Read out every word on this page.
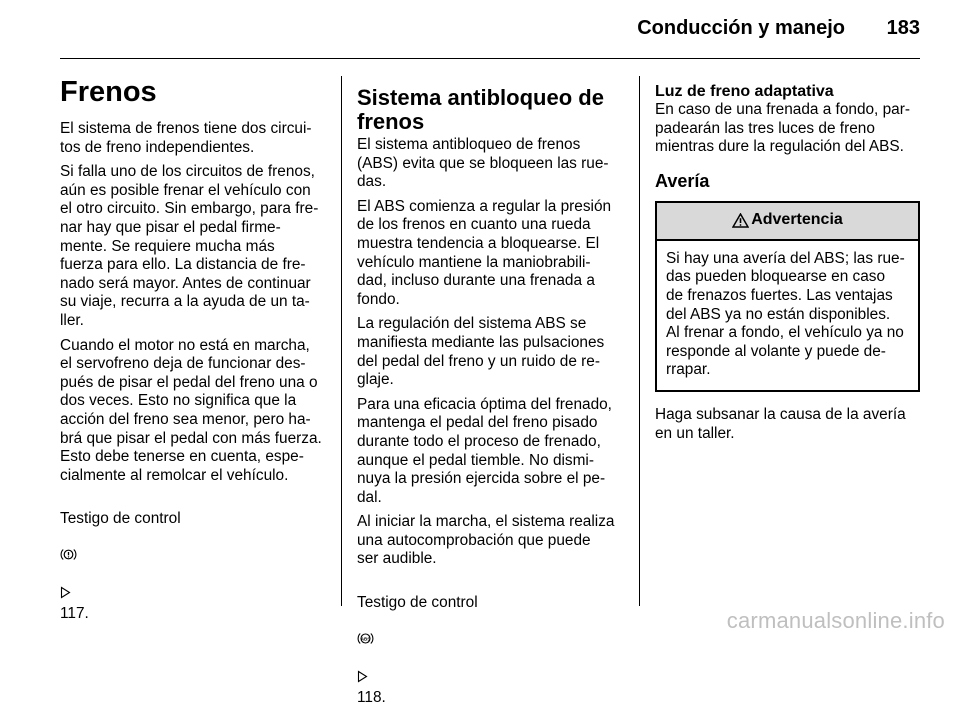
Conducción y manejo 183
Frenos

El sistema de frenos tiene dos circui-
tos de freno independientes.

Si falla uno de los circuitos de frenos,
aún es posible frenar el vehículo con
el otro circuito. Sin embargo, para fre-
nar hay que pisar el pedal firme-
mente. Se requiere mucha más
fuerza para ello. La distancia de fre-
nado será mayor. Antes de continuar
su viaje, recurra a la ayuda de un ta-
ller.

Cuando el motor no está en marcha,
el servofreno deja de funcionar des-
pués de pisar el pedal del freno una o
dos veces. Esto no significa que la
acción del freno sea menor, pero ha-
brá que pisar el pedal con más fuerza.
Esto debe tenerse en cuenta, espe-
cialmente al remolcar el vehículo.

Testigo de control

117.

Sistema antibloqueo de
frenos

El sistema antibloqueo de frenos
(ABS) evita que se bloqueen las rue-
das.

El ABS comienza a regular la presión
de los frenos en cuanto una rueda
muestra tendencia a bloquearse. El
vehículo mantiene la maniobrabili-
dad, incluso durante una frenada a
fondo.

La regulación del sistema ABS se
manifiesta mediante las pulsaciones
del pedal del freno y un ruido de re-
glaje.

Para una eficacia óptima del frenado,
mantenga el pedal del freno pisado
durante todo el proceso de frenado,
aunque el pedal tiemble. No dismi-
nuya la presión ejercida sobre el pe-
dal.

Al iniciar la marcha, el sistema realiza
una autocomprobación que puede
ser audible.

Testigo de control

ABS

118.

Luz de freno adaptativa

En caso de una frenada a fondo, par-
padearán las tres luces de freno
mientras dure la regulación del ABS.

Avería
Advertencia
Si hay una avería del ABS; las rue-
das pueden bloquearse en caso
de frenazos fuertes. Las ventajas
del ABS ya no están disponibles.
Al frenar a fondo, el vehículo ya no
responde al volante y puede de-
rrapar.

Haga subsanar la causa de la avería
en un taller.

carmanualsonline.info
